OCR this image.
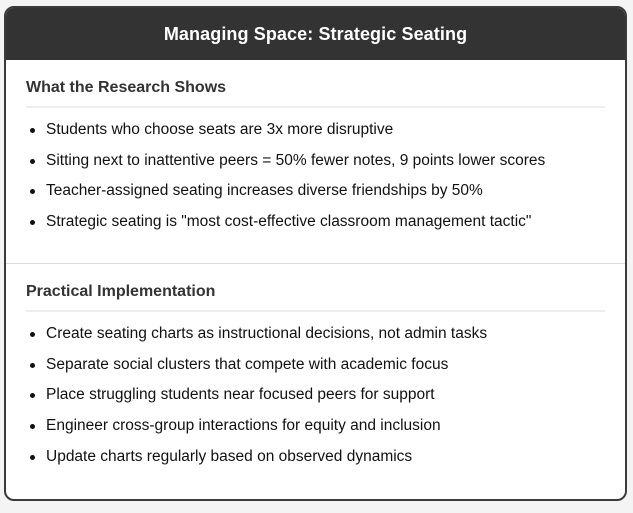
Managing Space: Strategic Seating
What the Research Shows
Students who choose seats are 3x more disruptive
Sitting next to inattentive peers = 50% fewer notes, 9 points lower scores
Teacher-assigned seating increases diverse friendships by 50%
Strategic seating is "most cost-effective classroom management tactic"
Practical Implementation
Create seating charts as instructional decisions, not admin tasks
Separate social clusters that compete with academic focus
Place struggling students near focused peers for support
Engineer cross-group interactions for equity and inclusion
Update charts regularly based on observed dynamics
